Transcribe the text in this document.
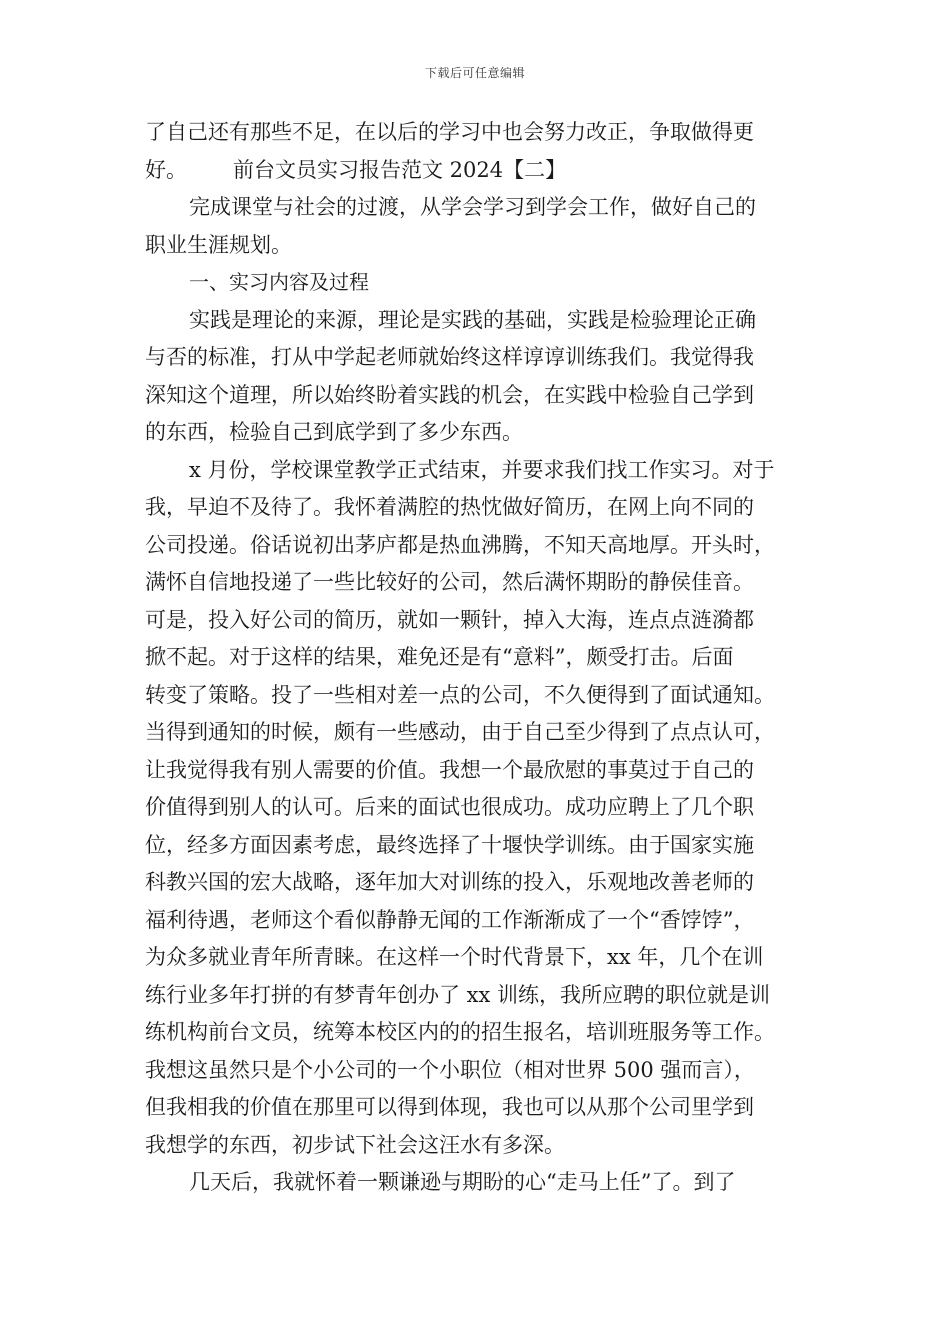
下载后可任意编辑
了自己还有那些不足，在以后的学习中也会努力改正，争取做得更
好。 前台文员实习报告范文 2024【二】
完成课堂与社会的过渡，从学会学习到学会工作，做好自己的
职业生涯规划。
一、实习内容及过程
实践是理论的来源，理论是实践的基础，实践是检验理论正确
与否的标准，打从中学起老师就始终这样谆谆训练我们。我觉得我
深知这个道理，所以始终盼着实践的机会，在实践中检验自己学到
的东西，检验自己到底学到了多少东西。
x 月份，学校课堂教学正式结束，并要求我们找工作实习。对于
我，早迫不及待了。我怀着满腔的热忱做好简历，在网上向不同的
公司投递。俗话说初出茅庐都是热血沸腾，不知天高地厚。开头时，
满怀自信地投递了一些比较好的公司，然后满怀期盼的静侯佳音。
可是，投入好公司的简历，就如一颗针，掉入大海，连点点涟漪都
掀不起。对于这样的结果，难免还是有“意料”，颇受打击。后面
转变了策略。投了一些相对差一点的公司，不久便得到了面试通知。
当得到通知的时候，颇有一些感动，由于自己至少得到了点点认可，
让我觉得我有别人需要的价值。我想一个最欣慰的事莫过于自己的
价值得到别人的认可。后来的面试也很成功。成功应聘上了几个职
位，经多方面因素考虑，最终选择了十堰快学训练。由于国家实施
科教兴国的宏大战略，逐年加大对训练的投入，乐观地改善老师的
福利待遇，老师这个看似静静无闻的工作渐渐成了一个“香饽饽”，
为众多就业青年所青睐。在这样一个时代背景下，xx 年，几个在训
练行业多年打拼的有梦青年创办了 xx 训练，我所应聘的职位就是训
练机构前台文员，统筹本校区内的的招生报名，培训班服务等工作。
我想这虽然只是个小公司的一个小职位（相对世界 500 强而言），
但我相我的价值在那里可以得到体现，我也可以从那个公司里学到
我想学的东西，初步试下社会这汪水有多深。
几天后，我就怀着一颗谦逊与期盼的心“走马上任”了。到了
